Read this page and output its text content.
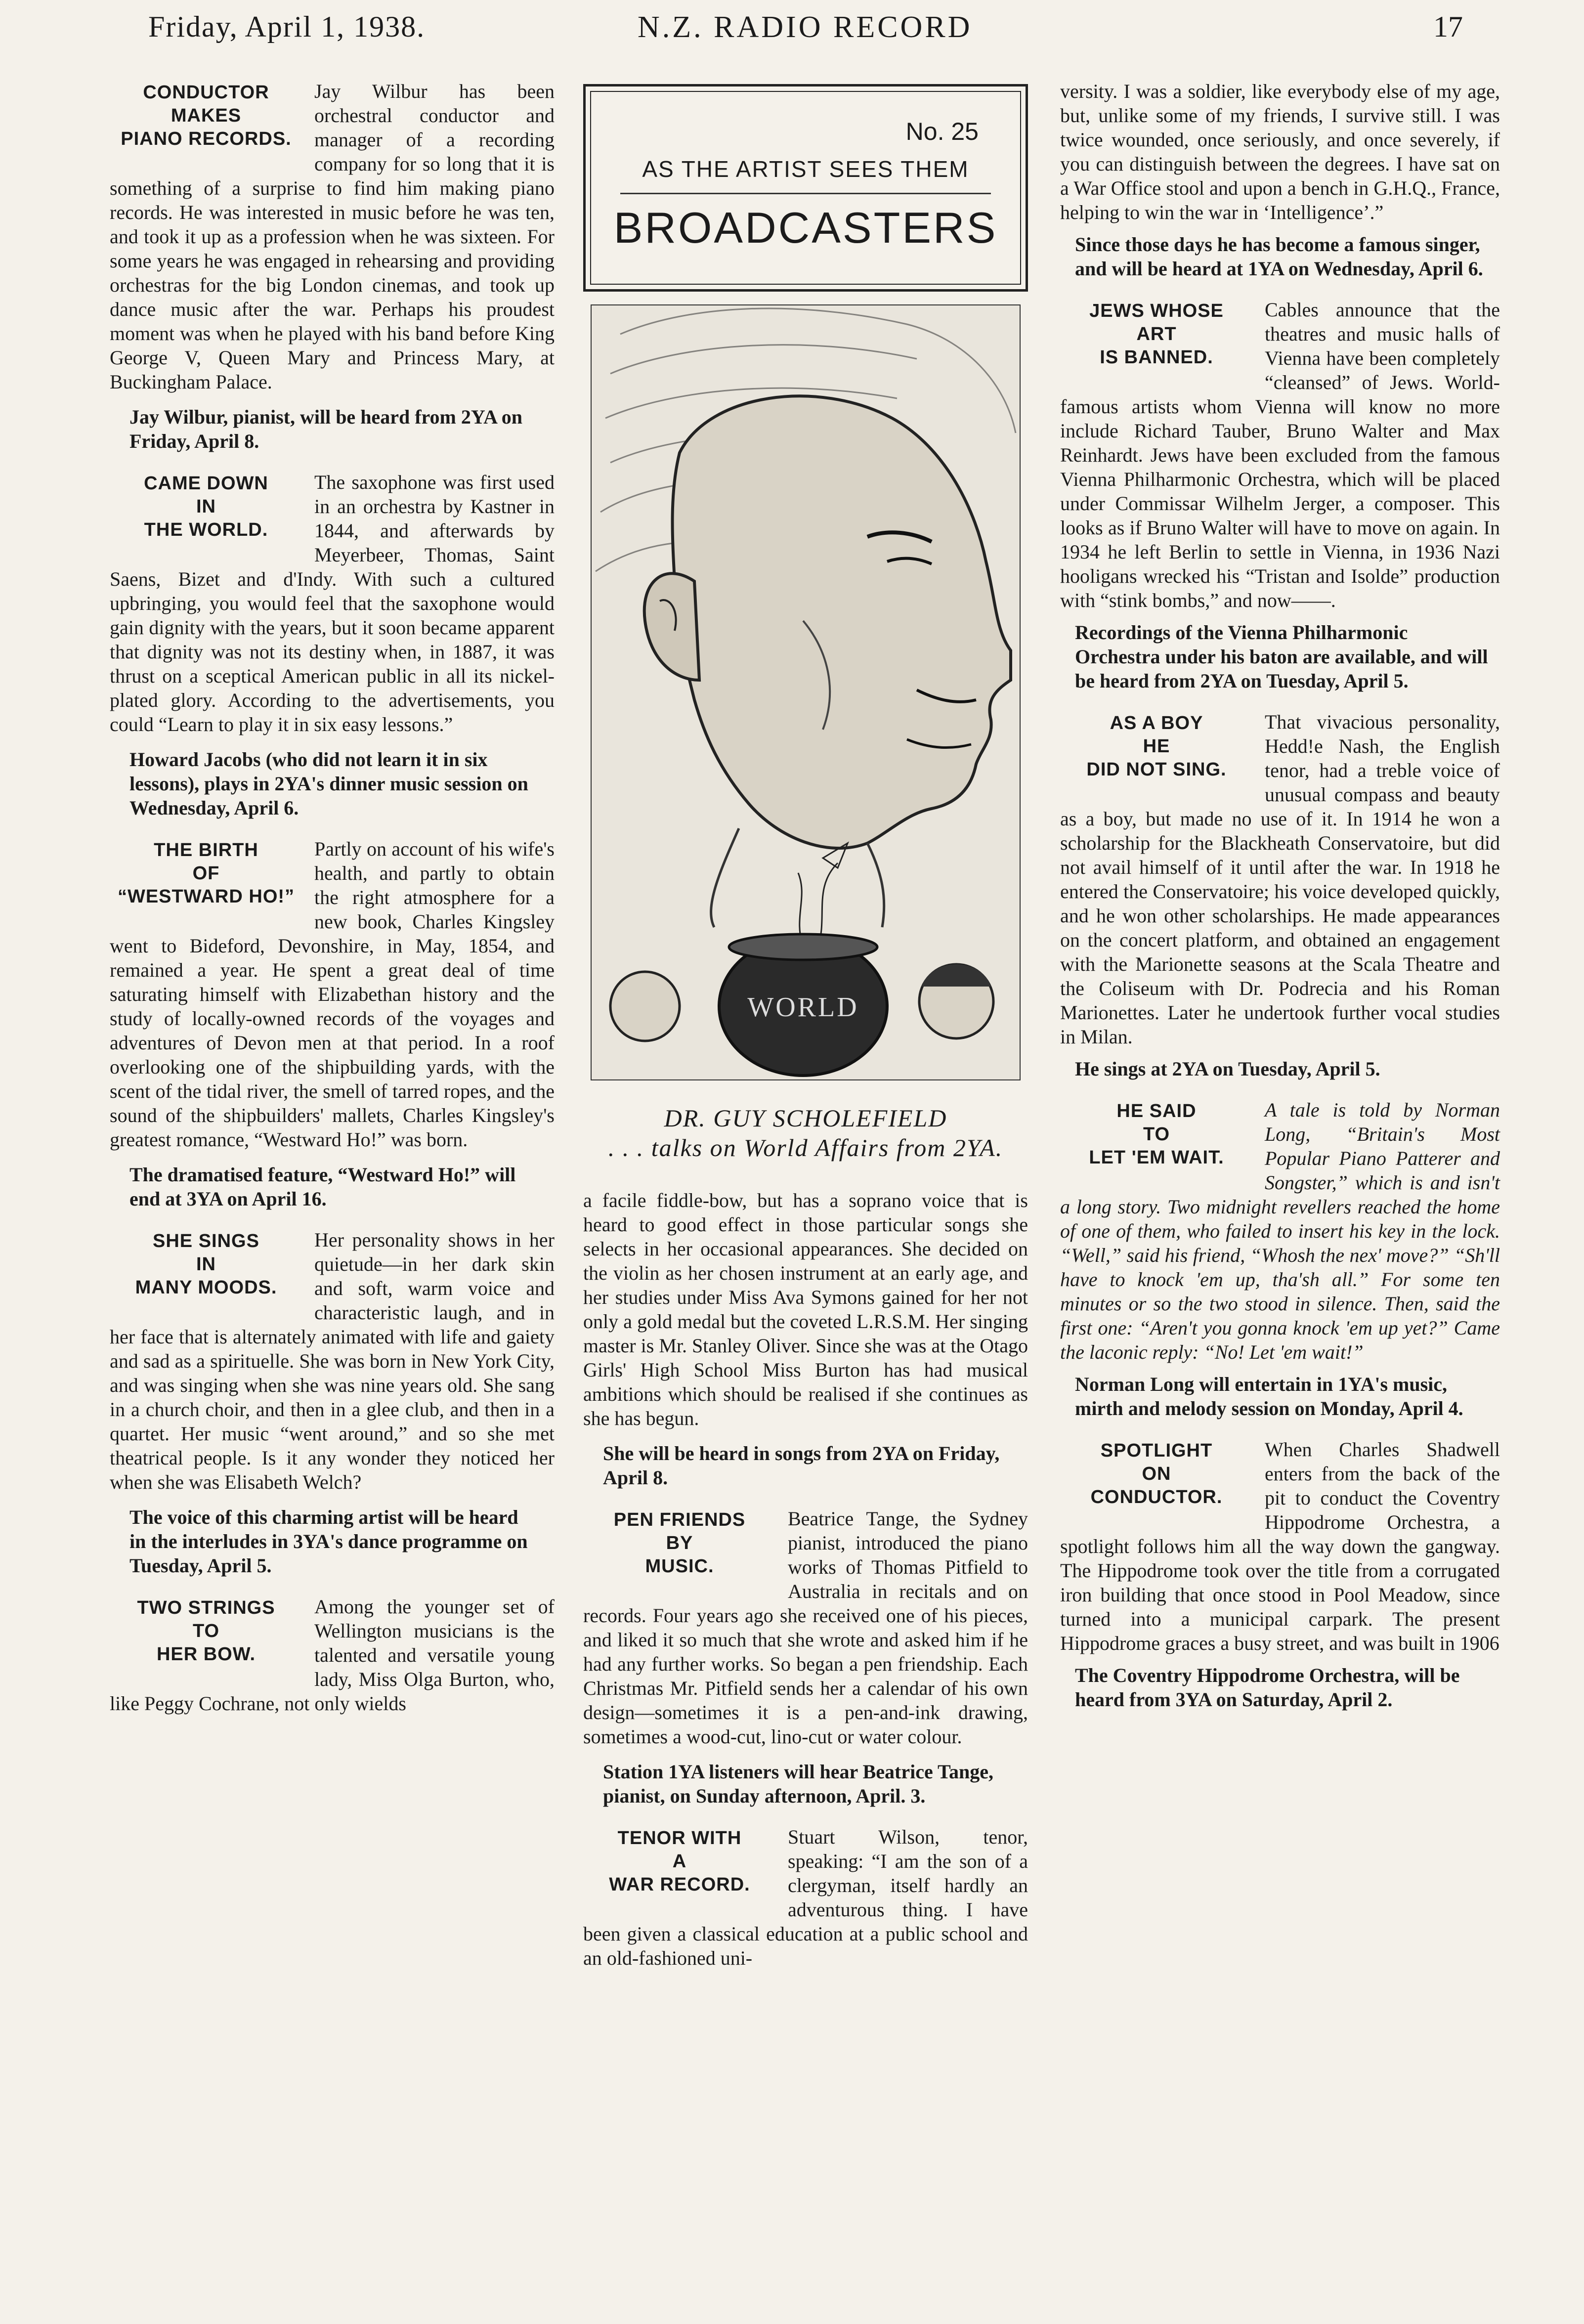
Friday, April 1, 1938.	N.Z. RADIO RECORD	17

CONDUCTOR
MAKES
PIANO RECORDS.
Jay Wilbur has been orchestral conductor and manager of a recording company for so long that it is something of a surprise to find him making piano records. He was interested in music before he was ten, and took it up as a profession when he was sixteen. For some years he was engaged in rehearsing and providing orchestras for the big London cinemas, and took up dance music after the war. Perhaps his proudest moment was when he played with his band before King George V, Queen Mary and Princess Mary, at Buckingham Palace.

Jay Wilbur, pianist, will be heard from 2YA on Friday, April 8.

CAME DOWN
IN
THE WORLD.
The saxophone was first used in an orchestra by Kastner in 1844, and afterwards by Meyerbeer, Thomas, Saint Saens, Bizet and d'Indy. With such a cultured upbringing, you would feel that the saxophone would gain dignity with the years, but it soon became apparent that dignity was not its destiny when, in 1887, it was thrust on a sceptical American public in all its nickel-plated glory. According to the advertisements, you could “Learn to play it in six easy lessons.”

Howard Jacobs (who did not learn it in six lessons), plays in 2YA's dinner music session on Wednesday, April 6.

THE BIRTH
OF
“WESTWARD HO!”
Partly on account of his wife's health, and partly to obtain the right atmosphere for a new book, Charles Kingsley went to Bideford, Devonshire, in May, 1854, and remained a year. He spent a great deal of time saturating himself with Elizabethan history and the study of locally-owned records of the voyages and adventures of Devon men at that period. In a roof overlooking one of the shipbuilding yards, with the scent of the tidal river, the smell of tarred ropes, and the sound of the shipbuilders' mallets, Charles Kingsley's greatest romance, “Westward Ho!” was born.

The dramatised feature, “Westward Ho!” will end at 3YA on April 16.

SHE SINGS
IN
MANY MOODS.
Her personality shows in her quietude—in her dark skin and soft, warm voice and characteristic laugh, and in her face that is alternately animated with life and gaiety and sad as a spirituelle. She was born in New York City, and was singing when she was nine years old. She sang in a church choir, and then in a glee club, and then in a quartet. Her music “went around,” and so she met theatrical people. Is it any wonder they noticed her when she was Elisabeth Welch?

The voice of this charming artist will be heard in the interludes in 3YA's dance programme on Tuesday, April 5.

TWO STRINGS
TO
HER BOW.
Among the younger set of Wellington musicians is the talented and versatile young lady, Miss Olga Burton, who, like Peggy Cochrane, not only wields

No. 25
AS THE ARTIST SEES THEM
BROADCASTERS
WORLD
DR. GUY SCHOLEFIELD
. . . talks on World Affairs from 2YA.

a facile fiddle-bow, but has a soprano voice that is heard to good effect in those particular songs she selects in her occasional appearances. She decided on the violin as her chosen instrument at an early age, and her studies under Miss Ava Symons gained for her not only a gold medal but the coveted L.R.S.M. Her singing master is Mr. Stanley Oliver. Since she was at the Otago Girls' High School Miss Burton has had musical ambitions which should be realised if she continues as she has begun.

She will be heard in songs from 2YA on Friday, April 8.

PEN FRIENDS
BY
MUSIC.
Beatrice Tange, the Sydney pianist, introduced the piano works of Thomas Pitfield to Australia in recitals and on records. Four years ago she received one of his pieces, and liked it so much that she wrote and asked him if he had any further works. So began a pen friendship. Each Christmas Mr. Pitfield sends her a calendar of his own design—sometimes it is a pen-and-ink drawing, sometimes a wood-cut, lino-cut or water colour.

Station 1YA listeners will hear Beatrice Tange, pianist, on Sunday afternoon, April. 3.

TENOR WITH
A
WAR RECORD.
Stuart Wilson, tenor, speaking: “I am the son of a clergyman, itself hardly an adventurous thing. I have been given a classical education at a public school and an old-fashioned uni-

versity. I was a soldier, like everybody else of my age, but, unlike some of my friends, I survive still. I was twice wounded, once seriously, and once severely, if you can distinguish between the degrees. I have sat on a War Office stool and upon a bench in G.H.Q., France, helping to win the war in ‘Intelligence’.”

Since those days he has become a famous singer, and will be heard at 1YA on Wednesday, April 6.

JEWS WHOSE
ART
IS BANNED.
Cables announce that the theatres and music halls of Vienna have been completely “cleansed” of Jews. World-famous artists whom Vienna will know no more include Richard Tauber, Bruno Walter and Max Reinhardt. Jews have been excluded from the famous Vienna Philharmonic Orchestra, which will be placed under Commissar Wilhelm Jerger, a composer. This looks as if Bruno Walter will have to move on again. In 1934 he left Berlin to settle in Vienna, in 1936 Nazi hooligans wrecked his “Tristan and Isolde” production with “stink bombs,” and now——.

Recordings of the Vienna Philharmonic Orchestra under his baton are available, and will be heard from 2YA on Tuesday, April 5.

AS A BOY
HE
DID NOT SING.
That vivacious personality, Hedd!e Nash, the English tenor, had a treble voice of unusual compass and beauty as a boy, but made no use of it. In 1914 he won a scholarship for the Blackheath Conservatoire, but did not avail himself of it until after the war. In 1918 he entered the Conservatoire; his voice developed quickly, and he won other scholarships. He made appearances on the concert platform, and obtained an engagement with the Marionette seasons at the Scala Theatre and the Coliseum with Dr. Podrecia and his Roman Marionettes. Later he undertook further vocal studies in Milan.

He sings at 2YA on Tuesday, April 5.

HE SAID
TO
LET 'EM WAIT.
A tale is told by Norman Long, “Britain's Most Popular Piano Patterer and Songster,” which is and isn't a long story. Two midnight revellers reached the home of one of them, who failed to insert his key in the lock. “Well,” said his friend, “Whosh the nex' move?” “Sh'll have to knock 'em up, tha'sh all.” For some ten minutes or so the two stood in silence. Then, said the first one: “Aren't you gonna knock 'em up yet?” Came the laconic reply: “No! Let 'em wait!”

Norman Long will entertain in 1YA's music, mirth and melody session on Monday, April 4.

SPOTLIGHT
ON
CONDUCTOR.
When Charles Shadwell enters from the back of the pit to conduct the Coventry Hippodrome Orchestra, a spotlight follows him all the way down the gangway. The Hippodrome took over the title from a corrugated iron building that once stood in Pool Meadow, since turned into a municipal carpark. The present Hippodrome graces a busy street, and was built in 1906

The Coventry Hippodrome Orchestra, will be heard from 3YA on Saturday, April 2.
